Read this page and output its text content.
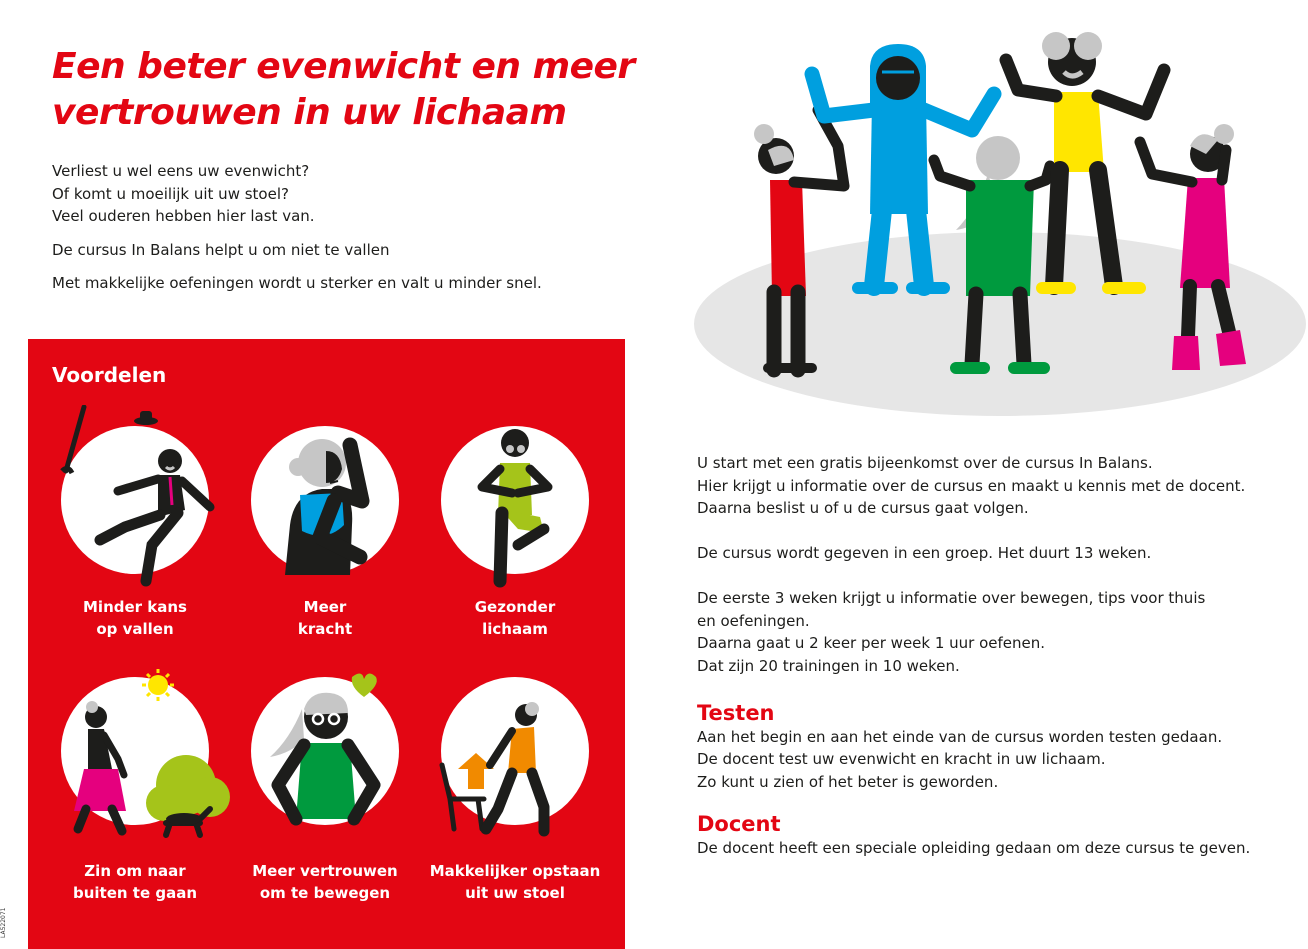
Een beter evenwicht en meer vertrouwen in uw lichaam

Verliest u wel eens uw evenwicht?
Of komt u moeilijk uit uw stoel?
Veel ouderen hebben hier last van.

De cursus In Balans helpt u om niet te vallen

Met makkelijke oefeningen wordt u sterker en valt u minder snel.

Voordelen
Minder kans
op vallen
Meer
kracht
Gezonder
lichaam
Zin om naar
buiten te gaan
Meer vertrouwen
om te bewegen
Makkelijker opstaan
uit uw stoel

U start met een gratis bijeenkomst over de cursus In Balans.
Hier krijgt u informatie over de cursus en maakt u kennis met de docent.
Daarna beslist u of u de cursus gaat volgen.

De cursus wordt gegeven in een groep. Het duurt 13 weken.

De eerste 3 weken krijgt u informatie over bewegen, tips voor thuis
en oefeningen.
Daarna gaat u 2 keer per week 1 uur oefenen.
Dat zijn 20 trainingen in 10 weken.

Testen

Aan het begin en aan het einde van de cursus worden testen gedaan.
De docent test uw evenwicht en kracht in uw lichaam.
Zo kunt u zien of het beter is geworden.

Docent

De docent heeft een speciale opleiding gedaan om deze cursus te geven.

LA522071
